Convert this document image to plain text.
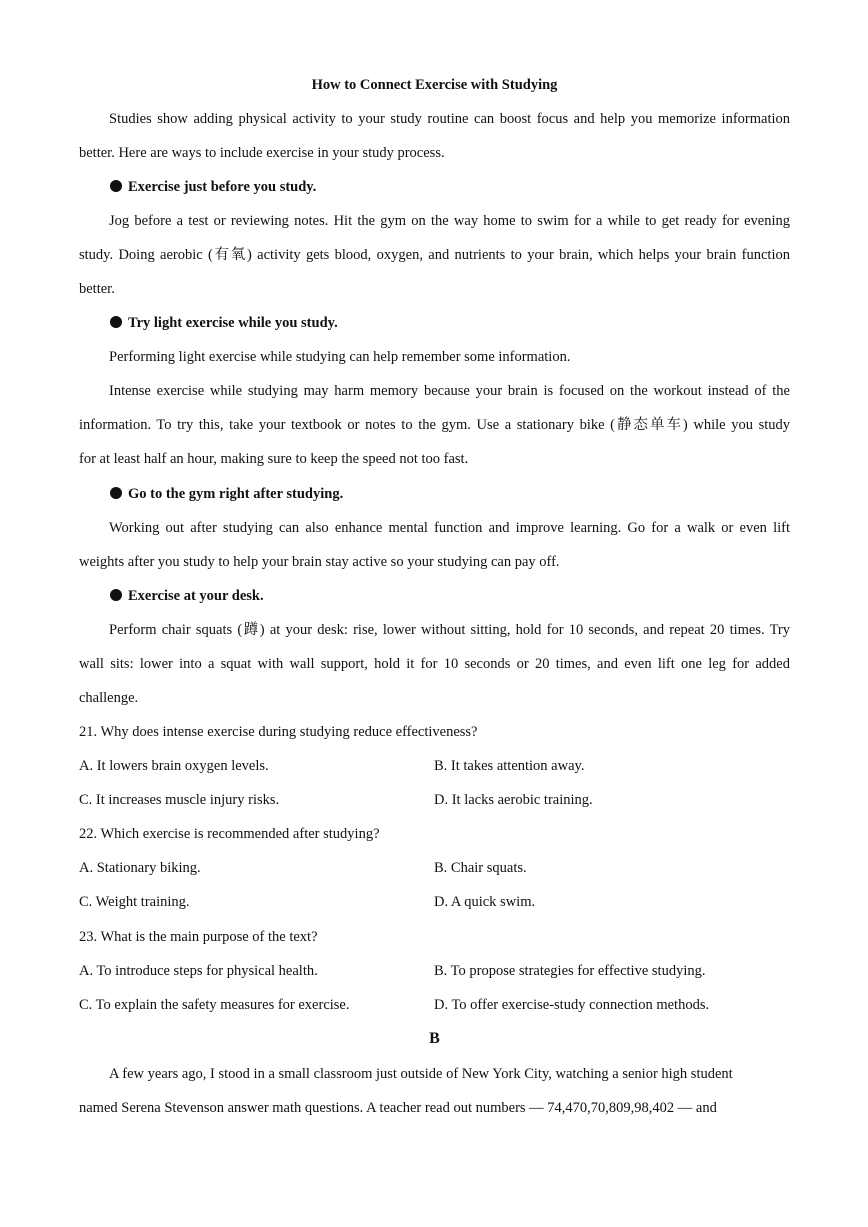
How to Connect Exercise with Studying
Studies show adding physical activity to your study routine can boost focus and help you memorize information
better. Here are ways to include exercise in your study process.
Exercise just before you study.
Jog before a test or reviewing notes. Hit the gym on the way home to swim for a while to get ready for evening
study. Doing aerobic (有氧) activity gets blood, oxygen, and nutrients to your brain, which helps your brain function
better.
Try light exercise while you study.
Performing light exercise while studying can help remember some information.
Intense exercise while studying may harm memory because your brain is focused on the workout instead of the
information. To try this, take your textbook or notes to the gym. Use a stationary bike (静态单车) while you study
for at least half an hour, making sure to keep the speed not too fast.
Go to the gym right after studying.
Working out after studying can also enhance mental function and improve learning. Go for a walk or even lift
weights after you study to help your brain stay active so your studying can pay off.
Exercise at your desk.
Perform chair squats (蹲) at your desk: rise, lower without sitting, hold for 10 seconds, and repeat 20 times. Try
wall sits: lower into a squat with wall support, hold it for 10 seconds or 20 times, and even lift one leg for added
challenge.
21. Why does intense exercise during studying reduce effectiveness?
A. It lowers brain oxygen levels.	B. It takes attention away.
C. It increases muscle injury risks.	D. It lacks aerobic training.
22. Which exercise is recommended after studying?
A. Stationary biking.	B. Chair squats.
C. Weight training.	D. A quick swim.
23. What is the main purpose of the text?
A. To introduce steps for physical health.	B. To propose strategies for effective studying.
C. To explain the safety measures for exercise.	D. To offer exercise-study connection methods.
B
A few years ago, I stood in a small classroom just outside of New York City, watching a senior high student
named Serena Stevenson answer math questions. A teacher read out numbers — 74,470,70,809,98,402 — and
